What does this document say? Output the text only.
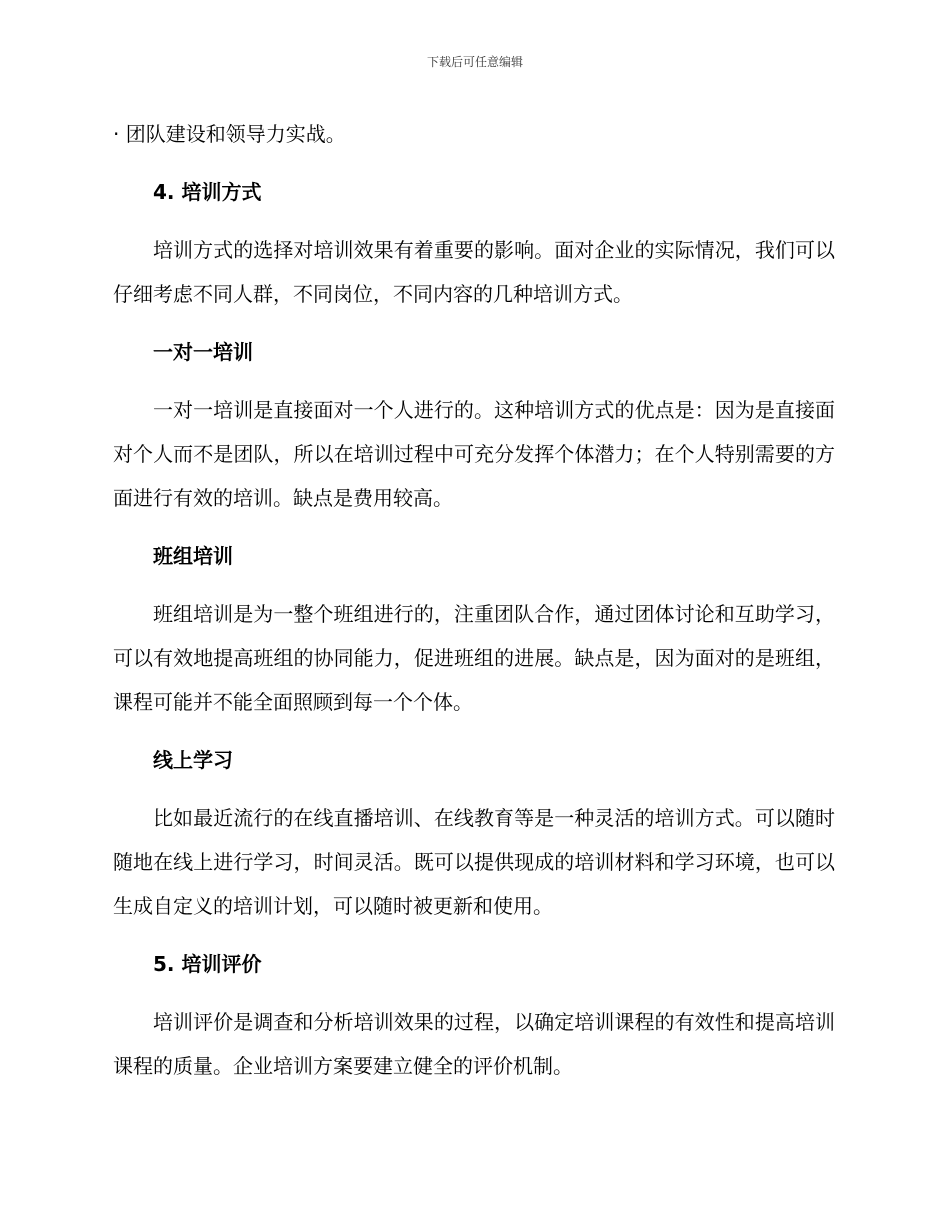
下载后可任意编辑

· 团队建设和领导力实战。

4. 培训方式

培训方式的选择对培训效果有着重要的影响。面对企业的实际情况，我们可以仔细考虑不同人群，不同岗位，不同内容的几种培训方式。

一对一培训

一对一培训是直接面对一个人进行的。这种培训方式的优点是：因为是直接面对个人而不是团队，所以在培训过程中可充分发挥个体潜力；在个人特别需要的方面进行有效的培训。缺点是费用较高。

班组培训

班组培训是为一整个班组进行的，注重团队合作，通过团体讨论和互助学习，可以有效地提高班组的协同能力，促进班组的进展。缺点是，因为面对的是班组，课程可能并不能全面照顾到每一个个体。

线上学习

比如最近流行的在线直播培训、在线教育等是一种灵活的培训方式。可以随时随地在线上进行学习，时间灵活。既可以提供现成的培训材料和学习环境，也可以生成自定义的培训计划，可以随时被更新和使用。

5. 培训评价

培训评价是调查和分析培训效果的过程，以确定培训课程的有效性和提高培训课程的质量。企业培训方案要建立健全的评价机制。
